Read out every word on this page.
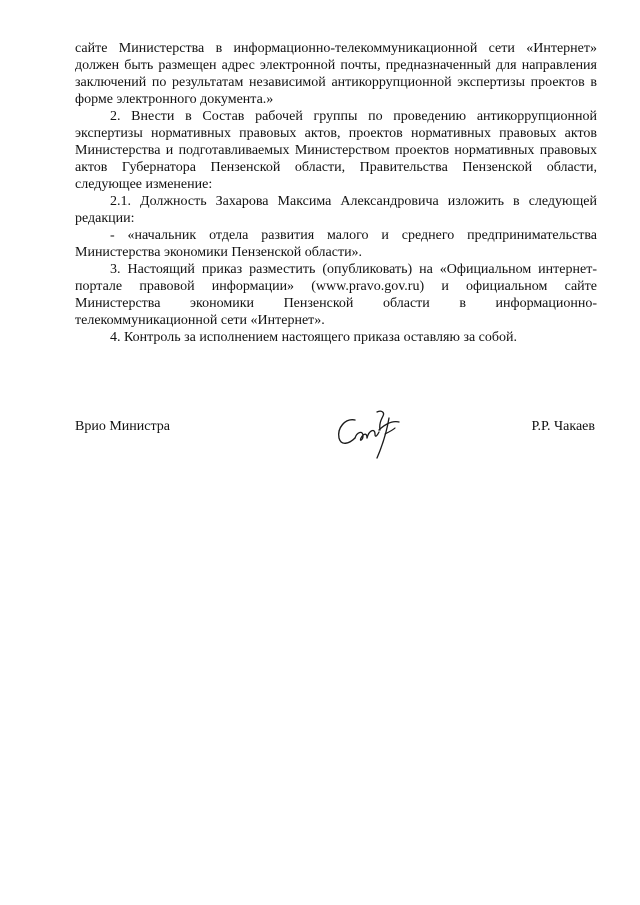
сайте Министерства в информационно-телекоммуникационной сети «Интернет» должен быть размещен адрес электронной почты, предназначенный для направления заключений по результатам независимой антикоррупционной экспертизы проектов в форме электронного документа.»

2. Внести в Состав рабочей группы по проведению антикоррупционной экспертизы нормативных правовых актов, проектов нормативных правовых актов Министерства и подготавливаемых Министерством проектов нормативных правовых актов Губернатора Пензенской области, Правительства Пензенской области, следующее изменение:

2.1. Должность Захарова Максима Александровича изложить в следующей редакции:

- «начальник отдела развития малого и среднего предпринимательства Министерства экономики Пензенской области».

3. Настоящий приказ разместить (опубликовать) на «Официальном интернет-портале правовой информации» (www.pravo.gov.ru) и официальном сайте Министерства экономики Пензенской области в информационно-телекоммуникационной сети «Интернет».

4. Контроль за исполнением настоящего приказа оставляю за собой.

Врио Министра	Р.Р. Чакаев
